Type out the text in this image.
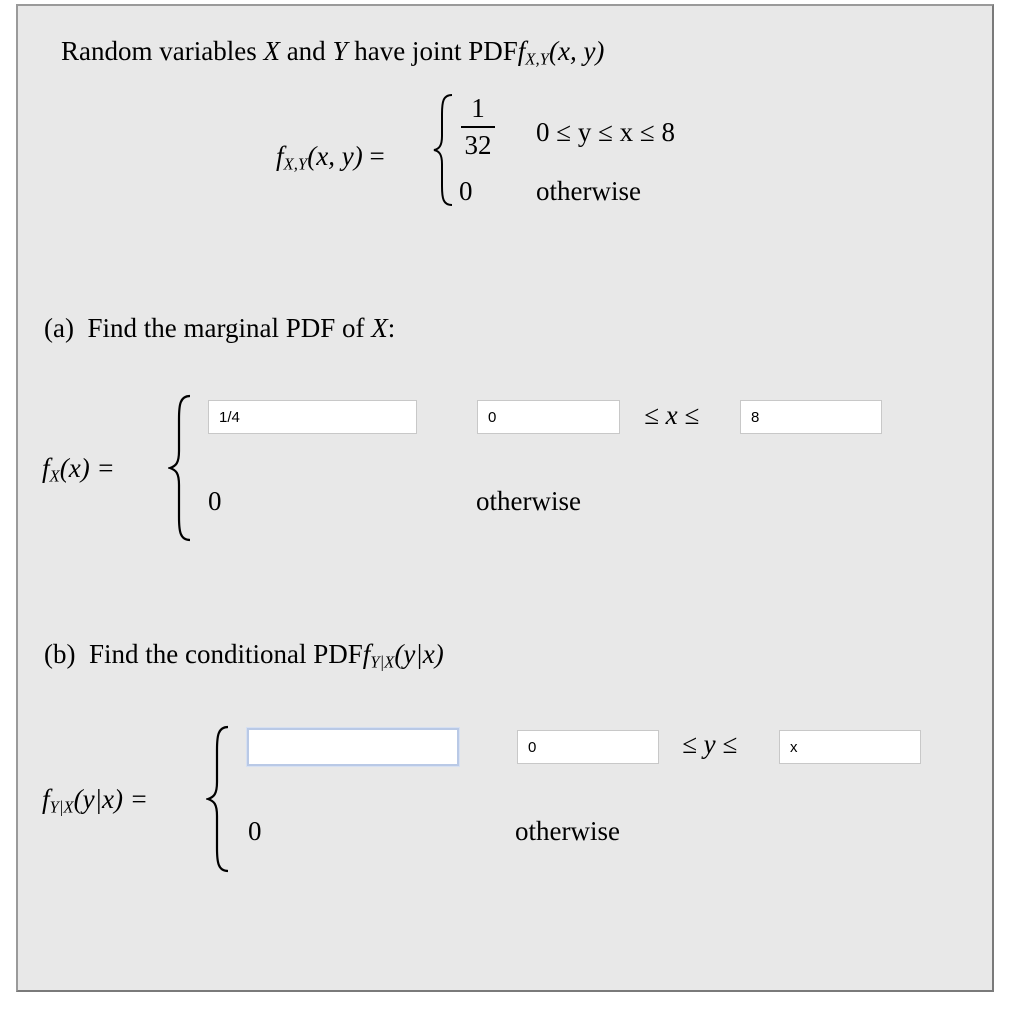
Random variables X and Y have joint PDFf$_{X,Y}$(x, y)
$f_{X,Y}(x$, y) =
1
32 0 ≤ y ≤ x ≤ 8
0 otherwise
(a) Find the marginal PDF of X:
$f_X(x)$ =
1/4
0
≤ x ≤
8
0	otherwise
(b) Find the conditional PDFf$_{Y|X}$(y|x)
$f_{Y|X}(y|x)$ =
0
≤ y ≤
x
0	otherwise
